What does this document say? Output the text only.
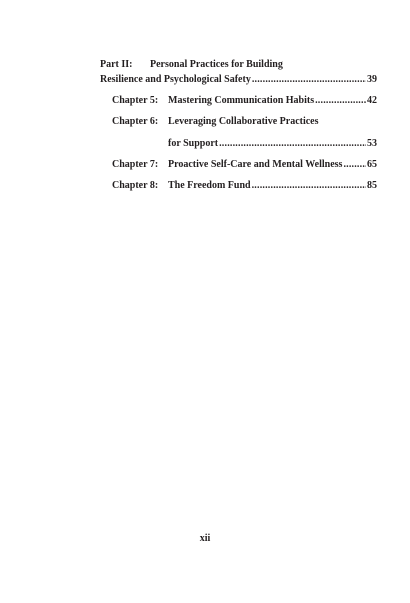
Part II: Personal Practices for Building
Resilience and Psychological Safety .....	39
Chapter 5: Mastering Communication Habits .....	42
Chapter 6: Leveraging Collaborative Practices
for Support .....	53
Chapter 7: Proactive Self-Care and Mental Wellness ..... 65
Chapter 8: The Freedom Fund .....	85
xii
